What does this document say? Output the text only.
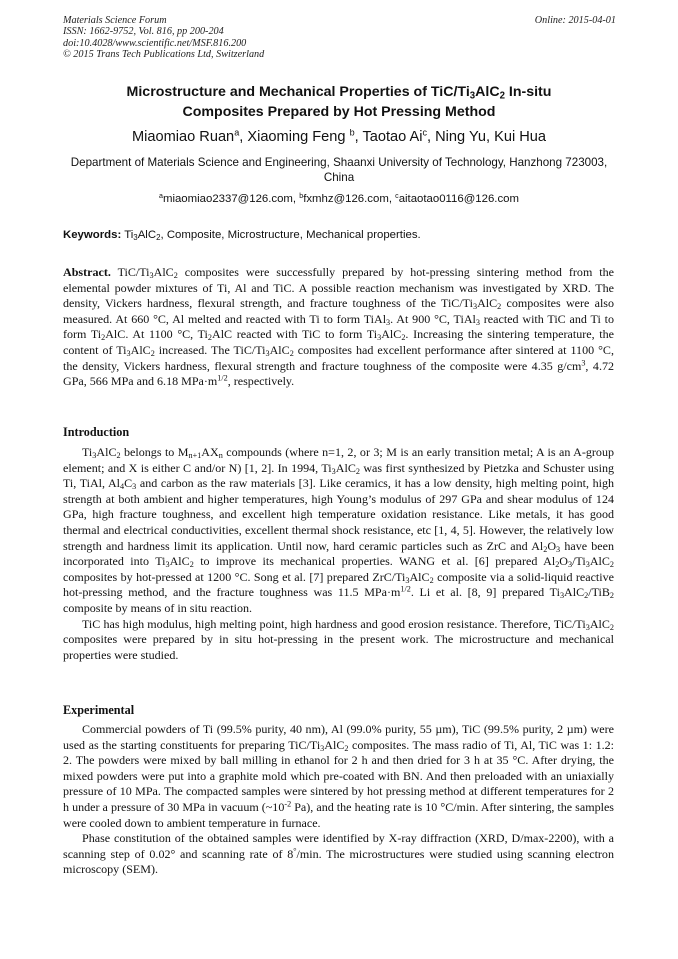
Materials Science Forum
ISSN: 1662-9752, Vol. 816, pp 200-204
doi:10.4028/www.scientific.net/MSF.816.200
© 2015 Trans Tech Publications Ltd, Switzerland
Online: 2015-04-01
Microstructure and Mechanical Properties of TiC/$Ti_3AlC_2$ In-situ
Composites Prepared by Hot Pressing Method
Miaomiao Ruan$^a$, Xiaoming Feng $^b$, Taotao Ai$^c$, Ning Yu, Kui Hua
Department of Materials Science and Engineering, Shaanxi University of Technology, Hanzhong 723003, China
$^a$miaomiao2337@126.com, $^b$fxmhz@126.com, $^c$aitaotao0116@126.com
Keywords: $Ti_3AlC_2$, Composite, Microstructure, Mechanical properties.
Abstract. TiC/$Ti_3AlC_2$ composites were successfully prepared by hot-pressing sintering method from the elemental powder mixtures of Ti, Al and TiC. A possible reaction mechanism was investigated by XRD. The density, Vickers hardness, flexural strength, and fracture toughness of the TiC/$Ti_3AlC_2$ composites were also measured. At 660 °C, Al melted and reacted with Ti to form TiAl$_3$. At 900 °C, TiAl$_3$ reacted with TiC and Ti to form $Ti_2AlC$. At 1100 °C, $Ti_2AlC$ reacted with TiC to form $Ti_3AlC_2$. Increasing the sintering temperature, the content of $Ti_3AlC_2$ increased. The TiC/$Ti_3AlC_2$ composites had excellent performance after sintered at 1100 °C, the density, Vickers hardness, flexural strength and fracture toughness of the composite were 4.35 $g/cm^3$, 4.72 GPa, 566 MPa and 6.18 $MPa\cdot m^{1/2}$, respectively.
Introduction

$Ti_3AlC_2$ belongs to $M_{n+1}AX_n$ compounds (where n=1, 2, or 3; M is an early transition metal; A is an A-group element; and X is either C and/or N) [1, 2]. In 1994, $Ti_3AlC_2$ was first synthesized by Pietzka and Schuster using Ti, TiAl, $Al_4C_3$ and carbon as the raw materials [3]. Like ceramics, it has a low density, high melting point, high strength at both ambient and higher temperatures, high Young’s modulus of 297 GPa and shear modulus of 124 GPa, high fracture toughness, and excellent high temperature oxidation resistance. Like metals, it has good thermal and electrical conductivities, excellent thermal shock resistance, etc [1, 4, 5]. However, the relatively low strength and hardness limit its application. Until now, hard ceramic particles such as ZrC and $Al_2O_3$ have been incorporated into $Ti_3AlC_2$ to improve its mechanical properties. WANG et al. [6] prepared $Al_2O_3/Ti_3AlC_2$ composites by hot-pressed at 1200 °C. Song et al. [7] prepared ZrC/$Ti_3AlC_2$ composite via a solid-liquid reactive hot-pressing method, and the fracture toughness was 11.5 $MPa\cdot m^{1/2}$. Li et al. [8, 9] prepared $Ti_3AlC_2/TiB_2$ composite by means of in situ reaction.

TiC has high modulus, high melting point, high hardness and good erosion resistance. Therefore, TiC/$Ti_3AlC_2$ composites were prepared by in situ hot-pressing in the present work. The microstructure and mechanical properties were studied.

Experimental

Commercial powders of Ti (99.5% purity, 40 nm), Al (99.0% purity, 55 µm), TiC (99.5% purity, 2 µm) were used as the starting constituents for preparing TiC/$Ti_3AlC_2$ composites. The mass radio of Ti, Al, TiC was 1: 1.2: 2. The powders were mixed by ball milling in ethanol for 2 h and then dried for 3 h at 35 °C. After drying, the mixed powders were put into a graphite mold which pre-coated with BN. And then preloaded with an uniaxially pressure of 10 MPa. The compacted samples were sintered by hot pressing method at different temperatures for 2 h under a pressure of 30 MPa in vacuum ($\sim 10^{-2}$ Pa), and the heating rate is 10 °C/min. After sintering, the samples were cooled down to ambient temperature in furnace.

Phase constitution of the obtained samples were identified by X-ray diffraction (XRD, D/max-2200), with a scanning step of 0.02° and scanning rate of 8°/min. The microstructures were studied using scanning electron microscopy (SEM).
